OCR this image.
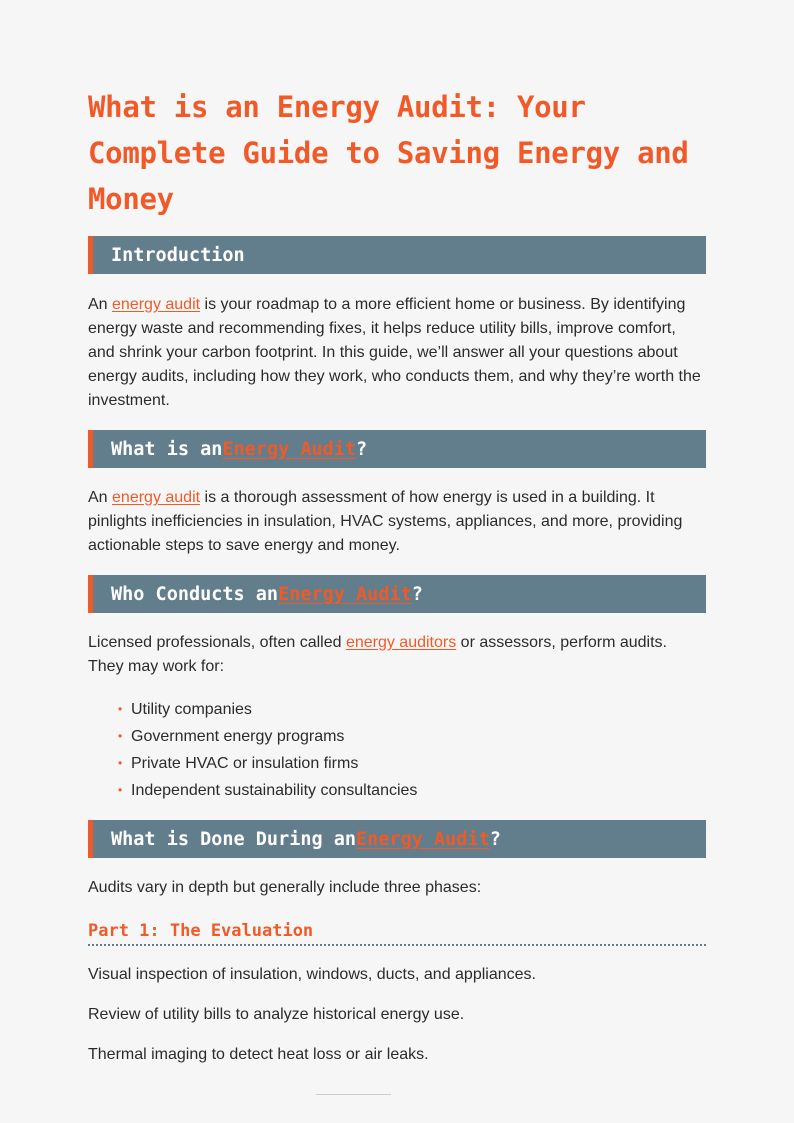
What is an Energy Audit: Your Complete Guide to Saving Energy and Money
Introduction

An energy audit is your roadmap to a more efficient home or business. By identifying energy waste and recommending fixes, it helps reduce utility bills, improve comfort, and shrink your carbon footprint. In this guide, we’ll answer all your questions about energy audits, including how they work, who conducts them, and why they’re worth the investment.

What is an Energy Audit ?

An energy audit is a thorough assessment of how energy is used in a building. It pinlights inefficiencies in insulation, HVAC systems, appliances, and more, providing actionable steps to save energy and money.

Who Conducts an Energy Audit ?

Licensed professionals, often called energy auditors or assessors, perform audits. They may work for:

• Utility companies
• Government energy programs
• Private HVAC or insulation firms
• Independent sustainability consultancies
What is Done During an Energy Audit ?

Audits vary in depth but generally include three phases:

Part 1: The Evaluation

Visual inspection of insulation, windows, ducts, and appliances.

Review of utility bills to analyze historical energy use.

Thermal imaging to detect heat loss or air leaks.
